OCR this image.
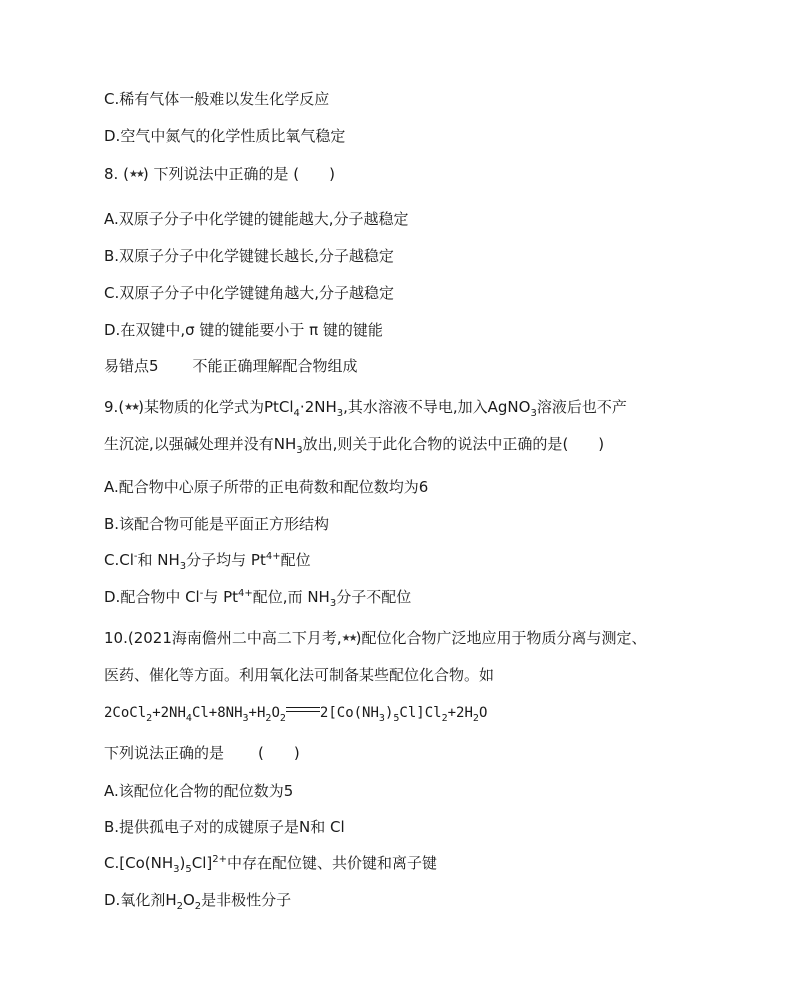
C.稀有气体一般难以发生化学反应
D.空气中氮气的化学性质比氧气稳定
8. (★★) 下列说法中正确的是 (　　)
A.双原子分子中化学键的键能越大,分子越稳定
B.双原子分子中化学键键长越长,分子越稳定
C.双原子分子中化学键键角越大,分子越稳定
D.在双键中,σ 键的键能要小于 π 键的键能
易错点5 不能正确理解配合物组成
9.(★★)某物质的化学式为$PtCl_4\cdot 2NH_3$,其水溶液不导电,加入AgNO$_3$溶液后也不产
生沉淀,以强碱处理并没有$NH_3$放出,则关于此化合物的说法中正确的是(　　)
A.配合物中心原子所带的正电荷数和配位数均为6
B.该配合物可能是平面正方形结构
C.Cl-和 $NH_3$分子均与 $Pt^{4+}$配位
D.配合物中 Cl-与 $Pt^{4+}$配位,而 $NH_3$分子不配位
10.(2021海南儋州二中高二下月考,★★)配位化合物广泛地应用于物质分离与测定、
医药、催化等方面。利用氧化法可制备某些配位化合物。如
$2CoCl_2+2NH_4Cl+8NH_3+H_2O_2$ $2[Co(NH_3)_5Cl]Cl_2+2H_2O$
下列说法正确的是 (　　)
A.该配位化合物的配位数为5
B.提供孤电子对的成键原子是N和 Cl
$C.[Co(NH_3)_5Cl]^{2+}$中存在配位键、共价键和离子键
D.氧化剂$H_2O_2$是非极性分子
